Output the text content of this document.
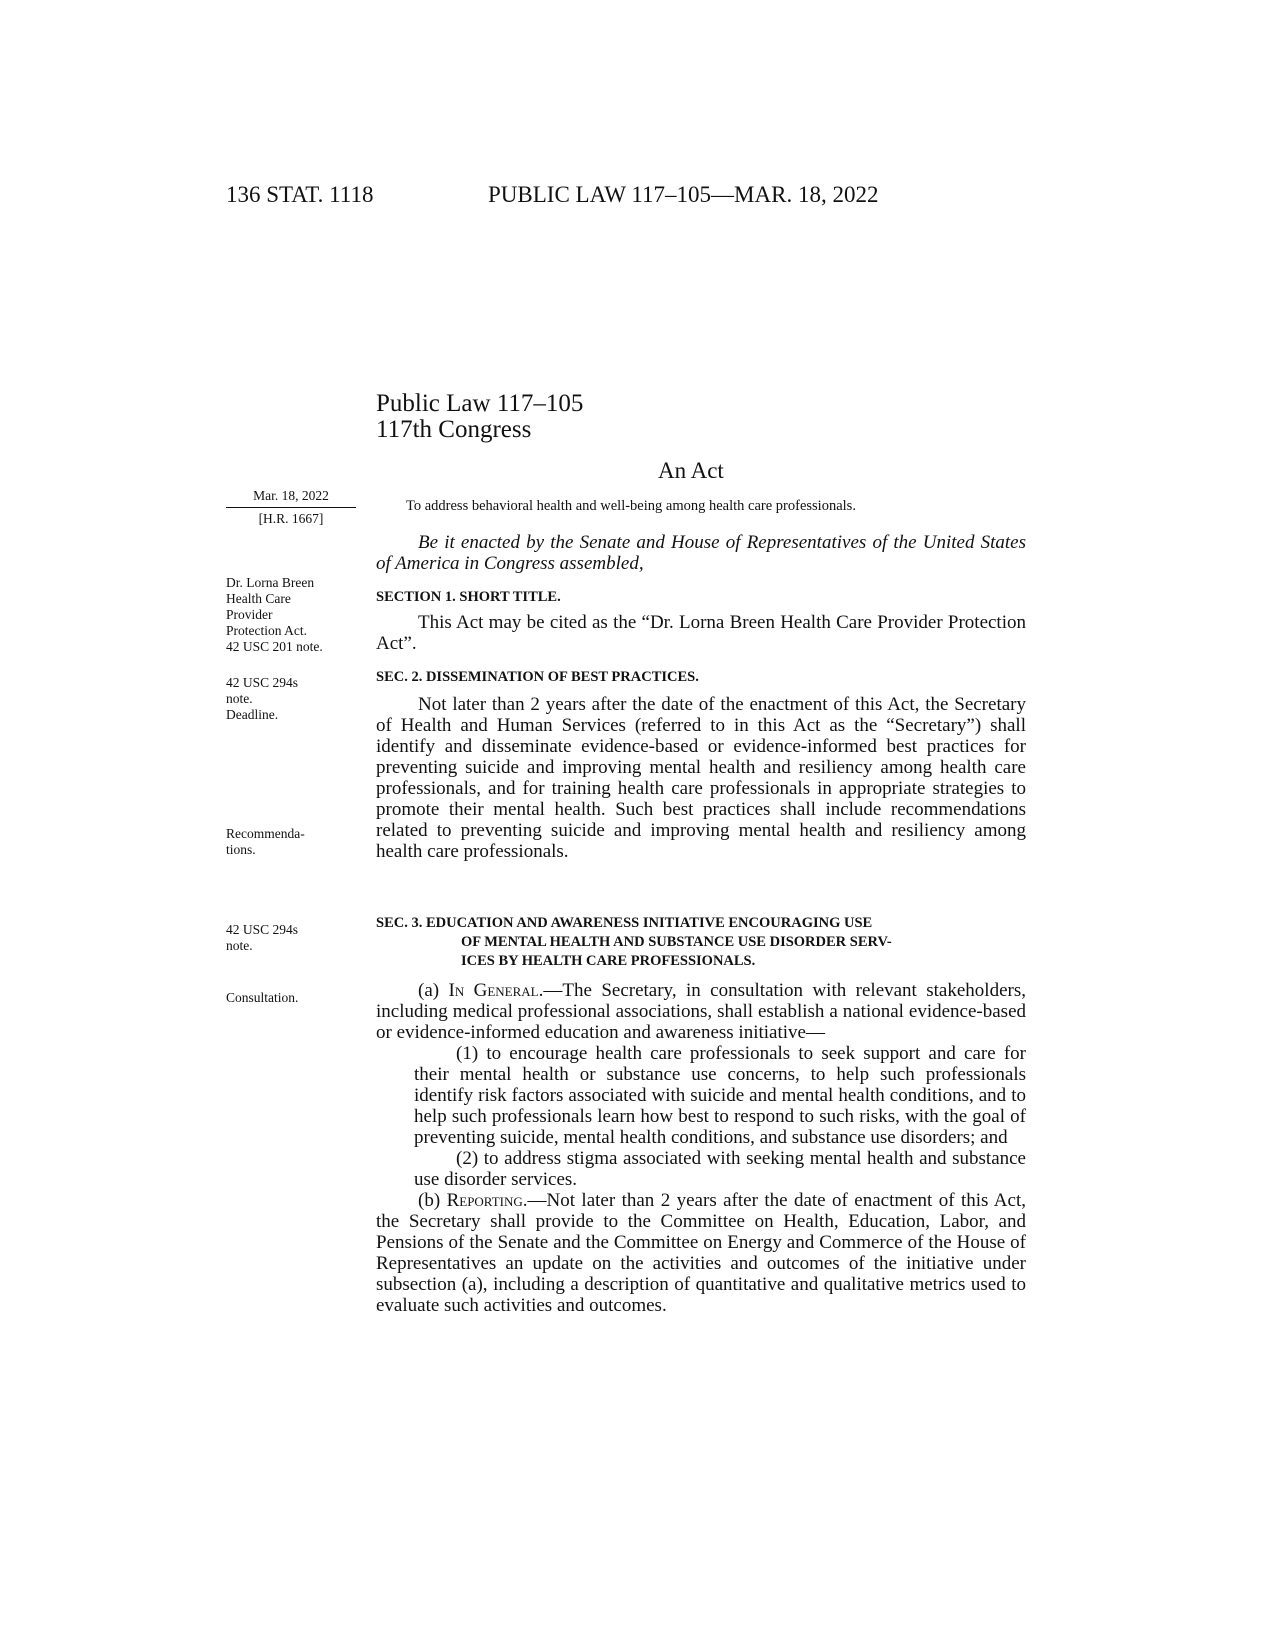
136 STAT. 1118	PUBLIC LAW 117–105—MAR. 18, 2022
Public Law 117–105
117th Congress
An Act
Mar. 18, 2022
[H.R. 1667]
To address behavioral health and well-being among health care professionals.
Dr. Lorna Breen
Health Care
Provider
Protection Act.
42 USC 201 note.
42 USC 294s
note.
Deadline.
Recommenda-
tions.
42 USC 294s
note.
Consultation.

Be it enacted by the Senate and House of Representatives of the United States of America in Congress assembled,

SECTION 1. SHORT TITLE.

This Act may be cited as the “Dr. Lorna Breen Health Care Provider Protection Act”.

SEC. 2. DISSEMINATION OF BEST PRACTICES.

Not later than 2 years after the date of the enactment of this Act, the Secretary of Health and Human Services (referred to in this Act as the “Secretary”) shall identify and disseminate evidence-based or evidence-informed best practices for preventing suicide and improving mental health and resiliency among health care professionals, and for training health care professionals in appropriate strategies to promote their mental health. Such best practices shall include recommendations related to preventing suicide and improving mental health and resiliency among health care professionals.

SEC. 3. EDUCATION AND AWARENESS INITIATIVE ENCOURAGING USE
OF MENTAL HEALTH AND SUBSTANCE USE DISORDER SERV-
ICES BY HEALTH CARE PROFESSIONALS.

(a) In General.—The Secretary, in consultation with relevant stakeholders, including medical professional associations, shall establish a national evidence-based or evidence-informed education and awareness initiative—

(1) to encourage health care professionals to seek support and care for their mental health or substance use concerns, to help such professionals identify risk factors associated with suicide and mental health conditions, and to help such professionals learn how best to respond to such risks, with the goal of preventing suicide, mental health conditions, and substance use disorders; and

(2) to address stigma associated with seeking mental health and substance use disorder services.

(b) Reporting.—Not later than 2 years after the date of enactment of this Act, the Secretary shall provide to the Committee on Health, Education, Labor, and Pensions of the Senate and the Committee on Energy and Commerce of the House of Representatives an update on the activities and outcomes of the initiative under subsection (a), including a description of quantitative and qualitative metrics used to evaluate such activities and outcomes.
